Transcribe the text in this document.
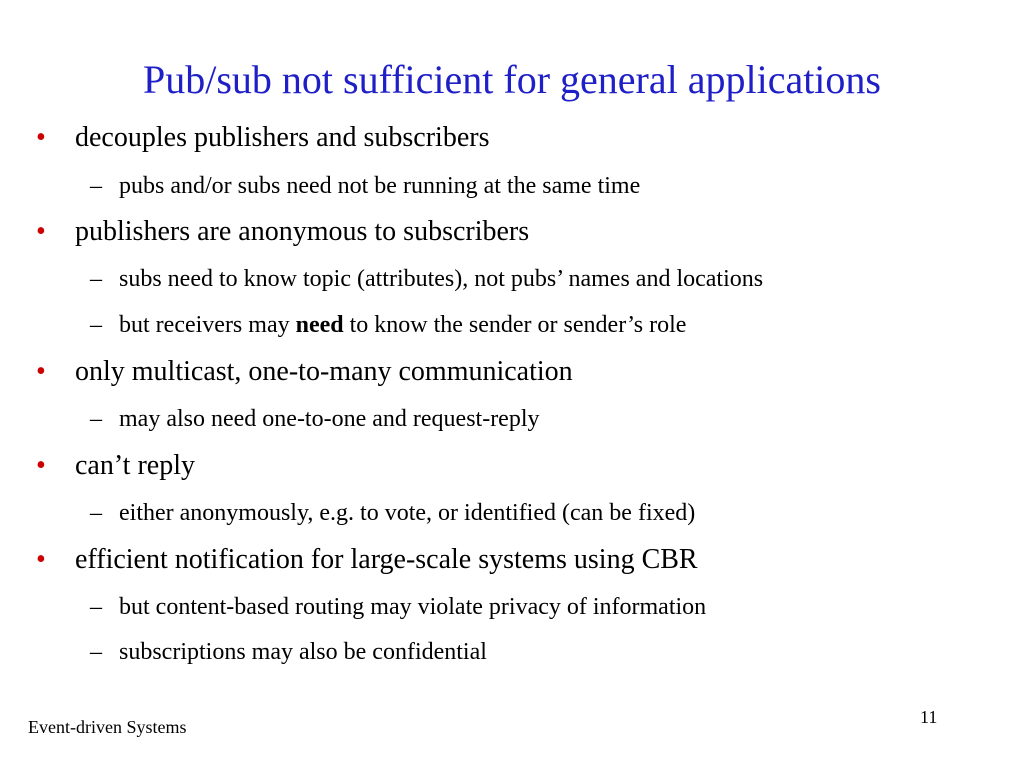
Pub/sub not sufficient for general applications
• decouples publishers and subscribers
– pubs and/or subs need not be running at the same time
• publishers are anonymous to subscribers
– subs need to know topic (attributes), not pubs’ names and locations
– but receivers may need to know the sender or sender’s role
• only multicast, one-to-many communication
– may also need one-to-one and request-reply
• can’t reply
– either anonymously, e.g. to vote, or identified (can be fixed)
• efficient notification for large-scale systems using CBR
– but content-based routing may violate privacy of information
– subscriptions may also be confidential
Event-driven Systems	11
